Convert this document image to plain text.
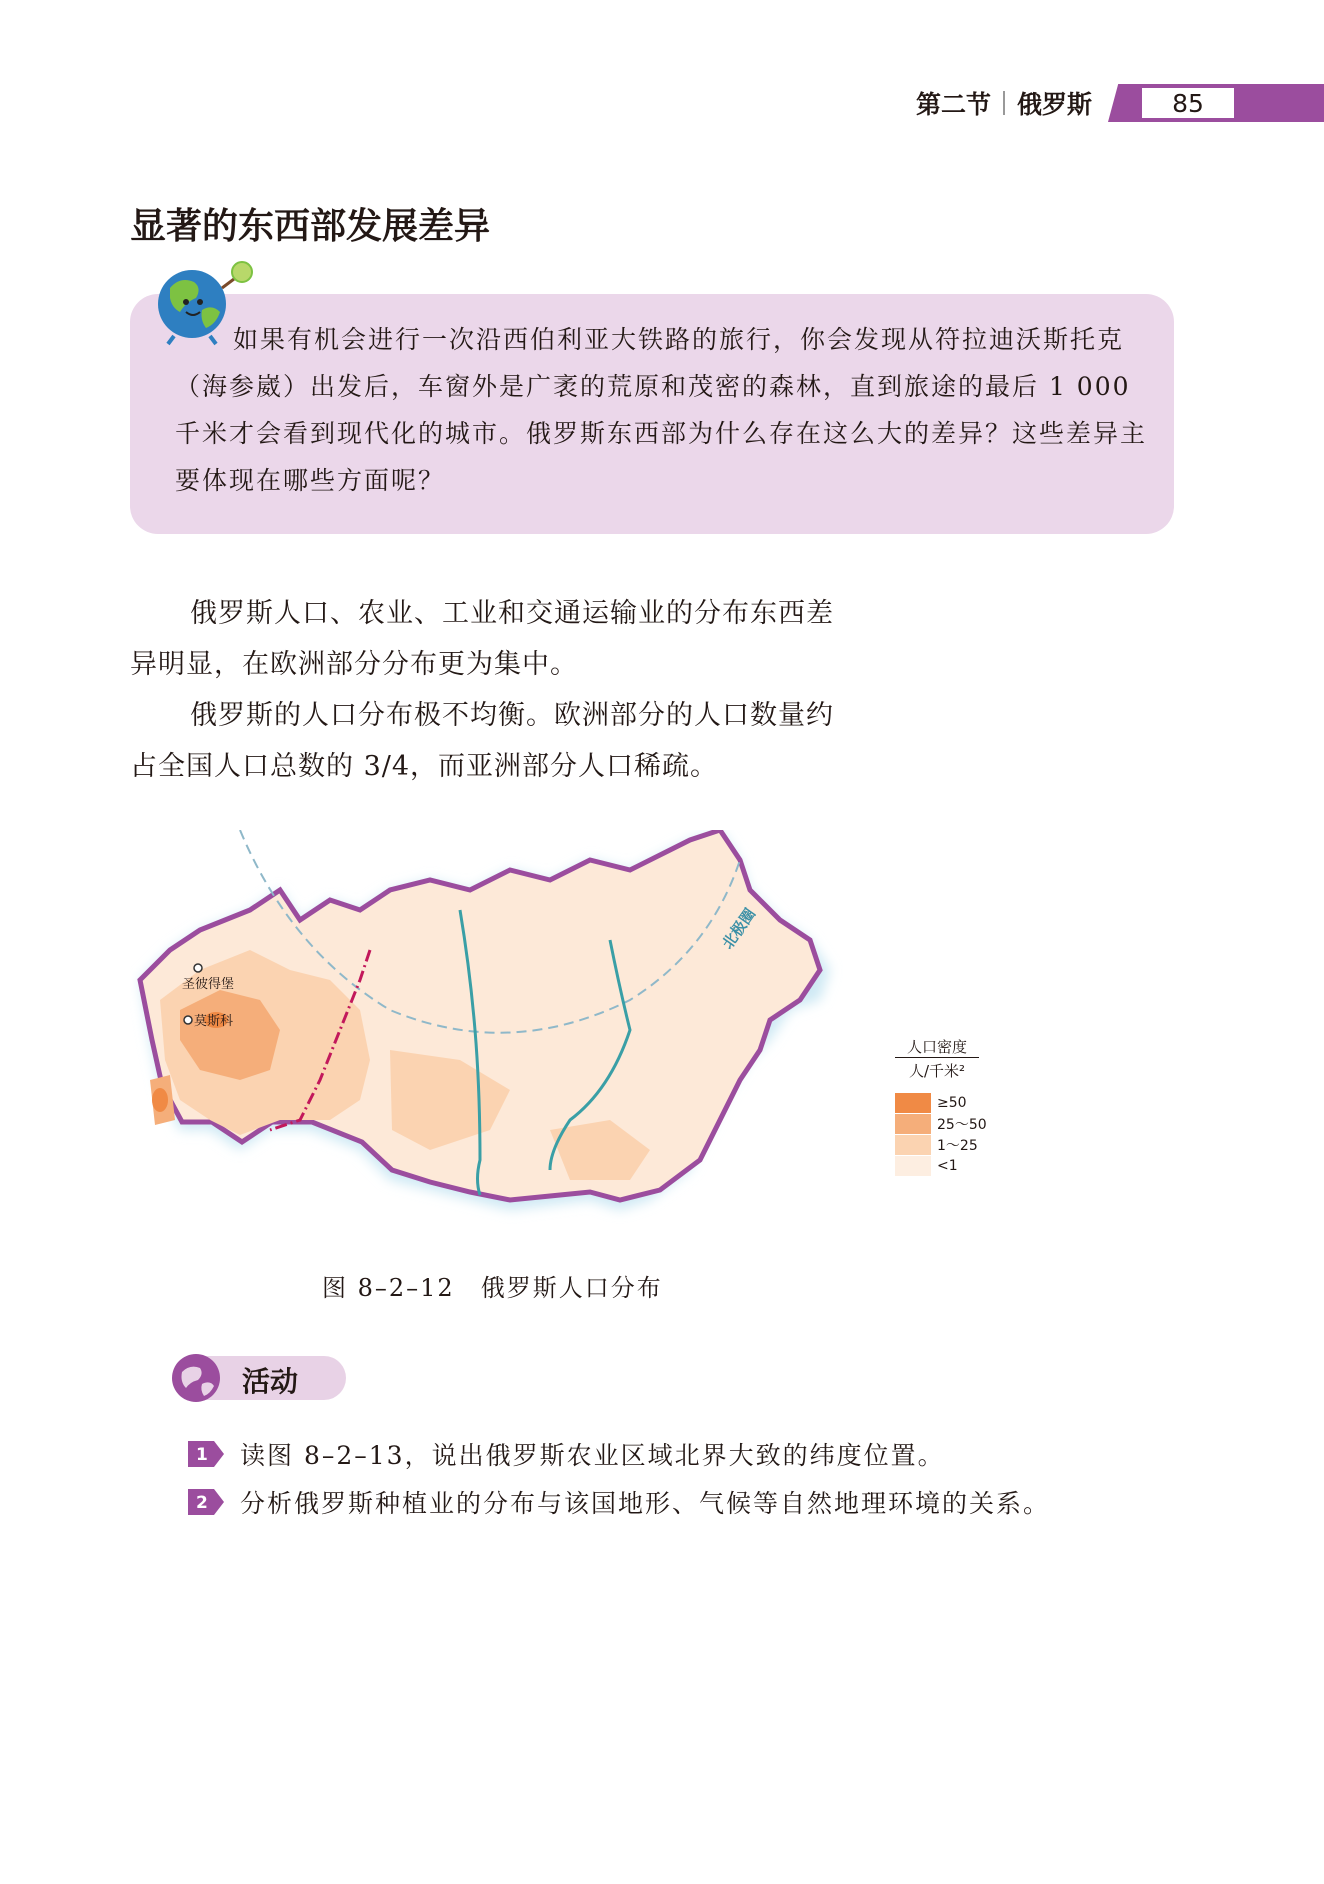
第二节 俄罗斯	85
显著的东西部发展差异

如果有机会进行一次沿西伯利亚大铁路的旅行，你会发现从符拉迪沃斯托克（海参崴）出发后，车窗外是广袤的荒原和茂密的森林，直到旅途的最后 1 000 千米才会看到现代化的城市。俄罗斯东西部为什么存在这么大的差异？这些差异主要体现在哪些方面呢？

俄罗斯人口、农业、工业和交通运输业的分布东西差异明显，在欧洲部分分布更为集中。

俄罗斯的人口分布极不均衡。欧洲部分的人口数量约占全国人口总数的 3/4，而亚洲部分人口稀疏。

圣彼得堡
莫斯科
北极圈
人口密度
人/千米²
≥50
25～50
1～25
<1

图 8–2–12　俄罗斯人口分布

活动
1 读图 8–2–13，说出俄罗斯农业区域北界大致的纬度位置。
2 分析俄罗斯种植业的分布与该国地形、气候等自然地理环境的关系。
